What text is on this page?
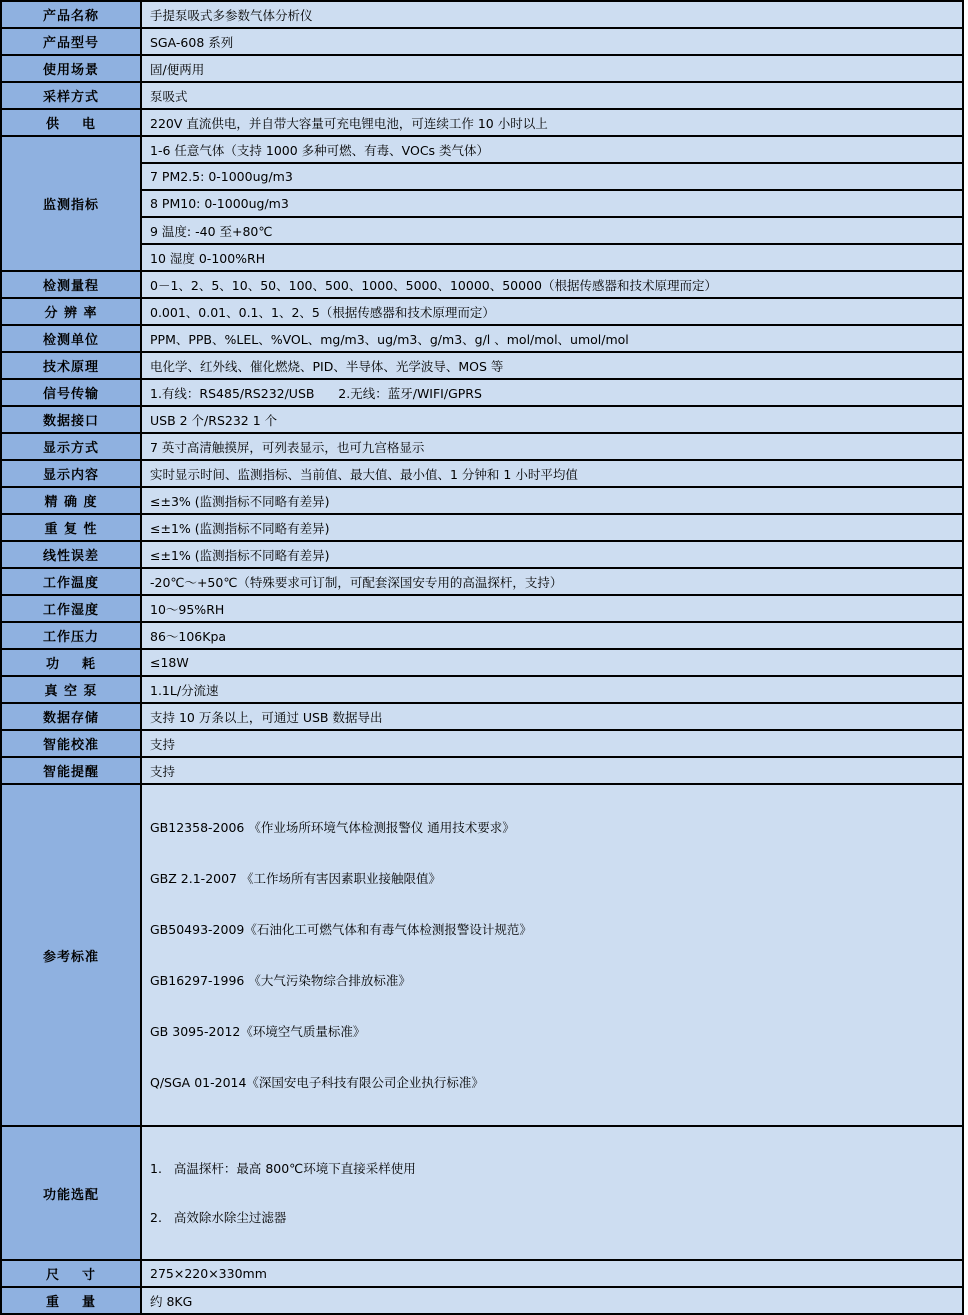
产品名称	手提泵吸式多参数气体分析仪
产品型号	SGA-608 系列
使用场景	固/便两用
采样方式	泵吸式
供    电	220V 直流供电，并自带大容量可充电锂电池，可连续工作 10 小时以上
监测指标	1-6 任意气体（支持 1000 多种可燃、有毒、VOCs 类气体）
	7 PM2.5: 0-1000ug/m3
	8 PM10: 0-1000ug/m3
	9 温度: -40 至+80℃
	10 湿度 0-100%RH
检测量程	0－1、2、5、10、50、100、500、1000、5000、10000、50000（根据传感器和技术原理而定）
分 辨 率	0.001、0.01、0.1、1、2、5（根据传感器和技术原理而定）
检测单位	PPM、PPB、%LEL、%VOL、mg/m3、ug/m3、g/m3、g/l 、mol/mol、umol/mol
技术原理	电化学、红外线、催化燃烧、PID、半导体、光学波导、MOS 等
信号传输	1.有线：RS485/RS232/USB      2.无线：蓝牙/WIFI/GPRS
数据接口	USB 2 个/RS232 1 个
显示方式	7 英寸高清触摸屏，可列表显示，也可九宫格显示
显示内容	实时显示时间、监测指标、当前值、最大值、最小值、1 分钟和 1 小时平均值
精 确 度	≤±3% (监测指标不同略有差异)
重 复 性	≤±1% (监测指标不同略有差异)
线性误差	≤±1% (监测指标不同略有差异)
工作温度	-20℃～+50℃（特殊要求可订制，可配套深国安专用的高温探杆，支持）
工作湿度	10～95%RH
工作压力	86～106Kpa
功    耗	≤18W
真 空 泵	1.1L/分流速
数据存储	支持 10 万条以上，可通过 USB 数据导出
智能校准	支持
智能提醒	支持
参考标准	

GB12358-2006 《作业场所环境气体检测报警仪 通用技术要求》

GBZ 2.1-2007 《工作场所有害因素职业接触限值》

GB50493-2009《石油化工可燃气体和有毒气体检测报警设计规范》

GB16297-1996 《大气污染物综合排放标准》

GB 3095-2012《环境空气质量标准》

Q/SGA 01-2014《深国安电子科技有限公司企业执行标准》

功能选配	1.   高温探杆：最高 800℃环境下直接采样使用

2.   高效除水除尘过滤器

尺    寸	275×220×330mm
重    量	约 8KG
